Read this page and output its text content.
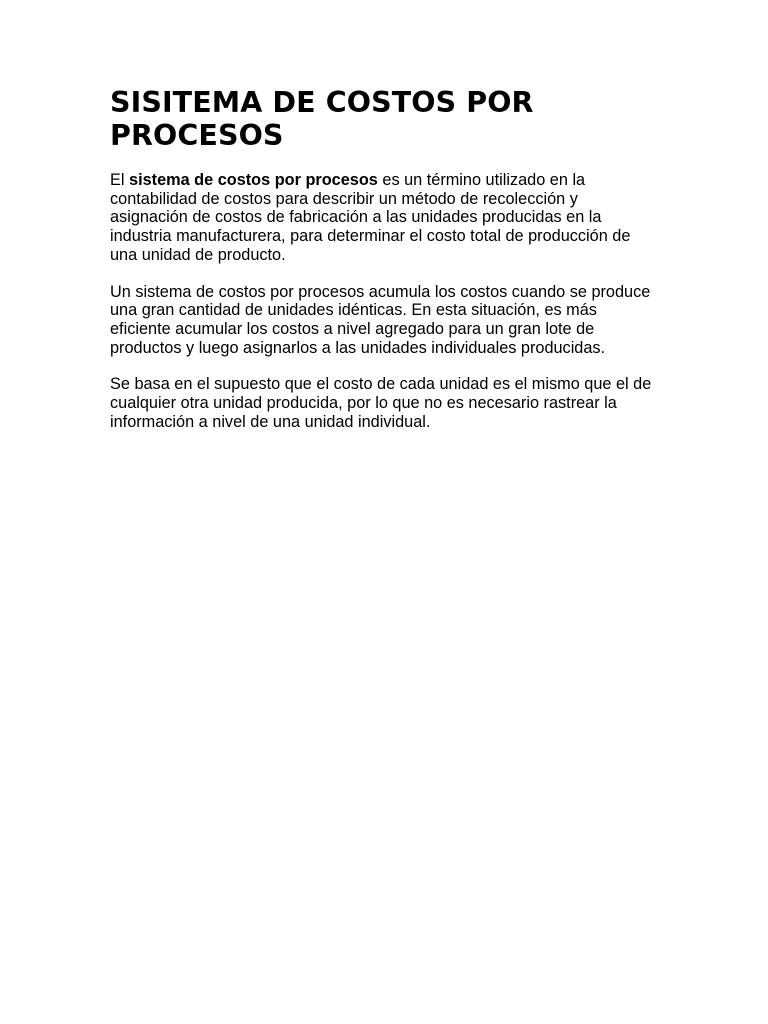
SISITEMA DE COSTOS POR PROCESOS

El sistema de costos por procesos es un término utilizado en la contabilidad de costos para describir un método de recolección y asignación de costos de fabricación a las unidades producidas en la industria manufacturera, para determinar el costo total de producción de una unidad de producto.

Un sistema de costos por procesos acumula los costos cuando se produce una gran cantidad de unidades idénticas. En esta situación, es más eficiente acumular los costos a nivel agregado para un gran lote de productos y luego asignarlos a las unidades individuales producidas.

Se basa en el supuesto que el costo de cada unidad es el mismo que el de cualquier otra unidad producida, por lo que no es necesario rastrear la información a nivel de una unidad individual.
